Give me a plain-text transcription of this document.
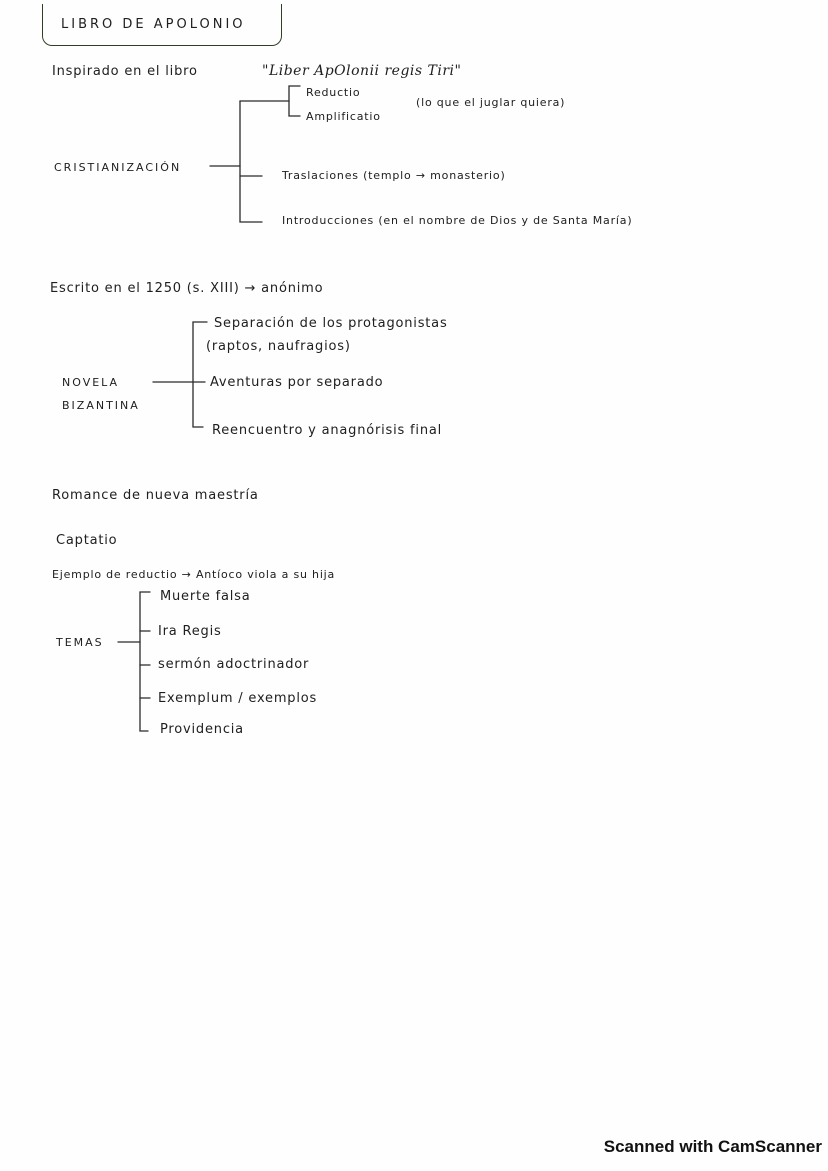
LIBRO DE APOLONIO
Inspirado en el libro	"Liber ApOlonii regis Tiri"
Reductio
Amplificatio
(lo que el juglar quiera)
CRISTIANIZACIÓN
Traslaciones (templo → monasterio)
Introducciones (en el nombre de Dios y de Santa María)
Escrito en el 1250 (s. XIII) → anónimo
Separación de los protagonistas
(raptos, naufragios)
NOVELA
BIZANTINA
Aventuras por separado
Reencuentro y anagnórisis final
Romance de nueva maestría
Captatio
Ejemplo de reductio → Antíoco viola a su hija
TEMAS
Muerte falsa
Ira Regis
sermón adoctrinador
Exemplum / exemplos
Providencia
Scanned with CamScanner
